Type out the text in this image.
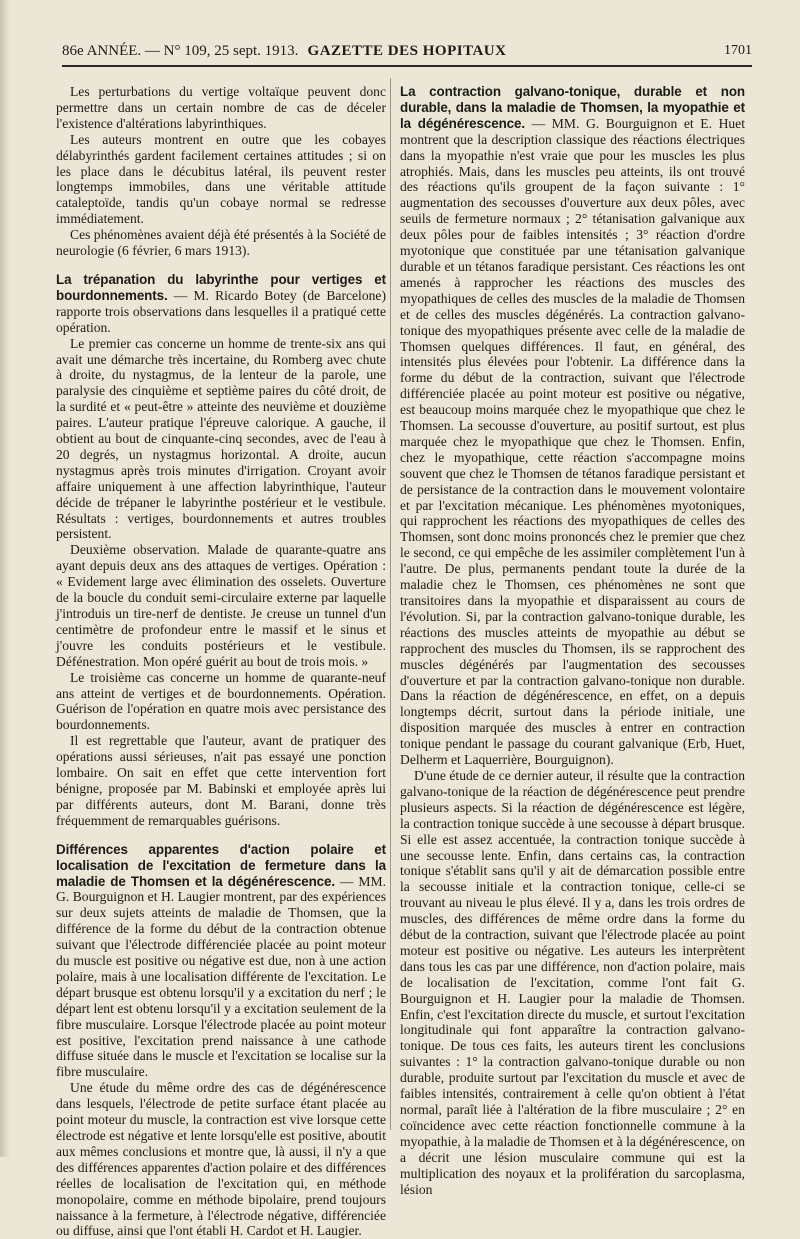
86e ANNÉE. — N° 109, 25 sept. 1913. GAZETTE DES HOPITAUX	1701

Les perturbations du vertige voltaïque peuvent donc permettre dans un certain nombre de cas de déceler l'existence d'altérations labyrinthiques.

Les auteurs montrent en outre que les cobayes délabyrinthés gardent facilement certaines attitudes ; si on les place dans le décubitus latéral, ils peuvent rester longtemps immobiles, dans une véritable attitude cataleptoïde, tandis qu'un cobaye normal se redresse immédiatement.

Ces phénomènes avaient déjà été présentés à la Société de neurologie (6 février, 6 mars 1913).

La trépanation du labyrinthe pour vertiges et bourdonnements. — M. Ricardo Botey (de Barcelone) rapporte trois observations dans lesquelles il a pratiqué cette opération.

Le premier cas concerne un homme de trente-six ans qui avait une démarche très incertaine, du Romberg avec chute à droite, du nystagmus, de la lenteur de la parole, une paralysie des cinquième et septième paires du côté droit, de la surdité et « peut-être » atteinte des neuvième et douzième paires. L'auteur pratique l'épreuve calorique. A gauche, il obtient au bout de cinquante-cinq secondes, avec de l'eau à 20 degrés, un nystagmus horizontal. A droite, aucun nystagmus après trois minutes d'irrigation. Croyant avoir affaire uniquement à une affection labyrinthique, l'auteur décide de trépaner le labyrinthe postérieur et le vestibule. Résultats : vertiges, bourdonnements et autres troubles persistent.

Deuxième observation. Malade de quarante-quatre ans ayant depuis deux ans des attaques de vertiges. Opération : « Evidement large avec élimination des osselets. Ouverture de la boucle du conduit semi-circulaire externe par laquelle j'introduis un tire-nerf de dentiste. Je creuse un tunnel d'un centimètre de profondeur entre le massif et le sinus et j'ouvre les conduits postérieurs et le vestibule. Défénestration. Mon opéré guérit au bout de trois mois. »

Le troisième cas concerne un homme de quarante-neuf ans atteint de vertiges et de bourdonnements. Opération. Guérison de l'opération en quatre mois avec persistance des bourdonnements.

Il est regrettable que l'auteur, avant de pratiquer des opérations aussi sérieuses, n'ait pas essayé une ponction lombaire. On sait en effet que cette intervention fort bénigne, proposée par M. Babinski et employée après lui par différents auteurs, dont M. Barani, donne très fréquemment de remarquables guérisons.

Différences apparentes d'action polaire et localisation de l'excitation de fermeture dans la maladie de Thomsen et la dégénérescence. — MM. G. Bourguignon et H. Laugier montrent, par des expériences sur deux sujets atteints de maladie de Thomsen, que la différence de la forme du début de la contraction obtenue suivant que l'électrode différenciée placée au point moteur du muscle est positive ou négative est due, non à une action polaire, mais à une localisation différente de l'excitation. Le départ brusque est obtenu lorsqu'il y a excitation du nerf ; le départ lent est obtenu lorsqu'il y a excitation seulement de la fibre musculaire. Lorsque l'électrode placée au point moteur est positive, l'excitation prend naissance à une cathode diffuse située dans le muscle et l'excitation se localise sur la fibre musculaire.

Une étude du même ordre des cas de dégénérescence dans lesquels, l'électrode de petite surface étant placée au point moteur du muscle, la contraction est vive lorsque cette électrode est négative et lente lorsqu'elle est positive, aboutit aux mêmes conclusions et montre que, là aussi, il n'y a que des différences apparentes d'action polaire et des différences réelles de localisation de l'excitation qui, en méthode monopolaire, comme en méthode bipolaire, prend toujours naissance à la fermeture, à l'électrode négative, différenciée ou diffuse, ainsi que l'ont établi H. Cardot et H. Laugier.

La contraction galvano-tonique, durable et non durable, dans la maladie de Thomsen, la myopathie et la dégénérescence. — MM. G. Bourguignon et E. Huet montrent que la description classique des réactions électriques dans la myopathie n'est vraie que pour les muscles les plus atrophiés. Mais, dans les muscles peu atteints, ils ont trouvé des réactions qu'ils groupent de la façon suivante : 1° augmentation des secousses d'ouverture aux deux pôles, avec seuils de fermeture normaux ; 2° tétanisation galvanique aux deux pôles pour de faibles intensités ; 3° réaction d'ordre myotonique que constituée par une tétanisation galvanique durable et un tétanos faradique persistant. Ces réactions les ont amenés à rapprocher les réactions des muscles des myopathiques de celles des muscles de la maladie de Thomsen et de celles des muscles dégénérés. La contraction galvano-tonique des myopathiques présente avec celle de la maladie de Thomsen quelques différences. Il faut, en général, des intensités plus élevées pour l'obtenir. La différence dans la forme du début de la contraction, suivant que l'électrode différenciée placée au point moteur est positive ou négative, est beaucoup moins marquée chez le myopathique que chez le Thomsen. La secousse d'ouverture, au positif surtout, est plus marquée chez le myopathique que chez le Thomsen. Enfin, chez le myopathique, cette réaction s'accompagne moins souvent que chez le Thomsen de tétanos faradique persistant et de persistance de la contraction dans le mouvement volontaire et par l'excitation mécanique. Les phénomènes myotoniques, qui rapprochent les réactions des myopathiques de celles des Thomsen, sont donc moins prononcés chez le premier que chez le second, ce qui empêche de les assimiler complètement l'un à l'autre. De plus, permanents pendant toute la durée de la maladie chez le Thomsen, ces phénomènes ne sont que transitoires dans la myopathie et disparaissent au cours de l'évolution. Si, par la contraction galvano-tonique durable, les réactions des muscles atteints de myopathie au début se rapprochent des muscles du Thomsen, ils se rapprochent des muscles dégénérés par l'augmentation des secousses d'ouverture et par la contraction galvano-tonique non durable. Dans la réaction de dégénérescence, en effet, on a depuis longtemps décrit, surtout dans la période initiale, une disposition marquée des muscles à entrer en contraction tonique pendant le passage du courant galvanique (Erb, Huet, Delherm et Laquerrière, Bourguignon).

D'une étude de ce dernier auteur, il résulte que la contraction galvano-tonique de la réaction de dégénérescence peut prendre plusieurs aspects. Si la réaction de dégénérescence est légère, la contraction tonique succède à une secousse à départ brusque. Si elle est assez accentuée, la contraction tonique succède à une secousse lente. Enfin, dans certains cas, la contraction tonique s'établit sans qu'il y ait de démarcation possible entre la secousse initiale et la contraction tonique, celle-ci se trouvant au niveau le plus élevé. Il y a, dans les trois ordres de muscles, des différences de même ordre dans la forme du début de la contraction, suivant que l'électrode placée au point moteur est positive ou négative. Les auteurs les interprètent dans tous les cas par une différence, non d'action polaire, mais de localisation de l'excitation, comme l'ont fait G. Bourguignon et H. Laugier pour la maladie de Thomsen. Enfin, c'est l'excitation directe du muscle, et surtout l'excitation longitudinale qui font apparaître la contraction galvano-tonique. De tous ces faits, les auteurs tirent les conclusions suivantes : 1° la contraction galvano-tonique durable ou non durable, produite surtout par l'excitation du muscle et avec de faibles intensités, contrairement à celle qu'on obtient à l'état normal, paraît liée à l'altération de la fibre musculaire ; 2° en coïncidence avec cette réaction fonctionnelle commune à la myopathie, à la maladie de Thomsen et à la dégénérescence, on a décrit une lésion musculaire commune qui est la multiplication des noyaux et la prolifération du sarcoplasma, lésion
